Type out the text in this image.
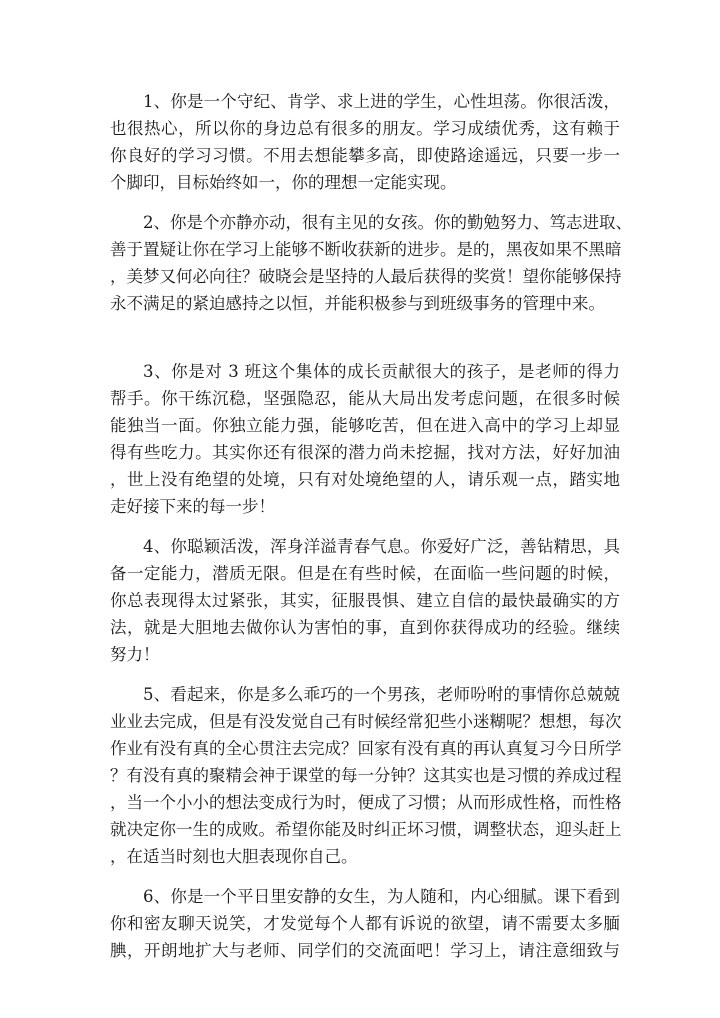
1、你是一个守纪、肯学、求上进的学生，心性坦荡。你很活泼，
也很热心，所以你的身边总有很多的朋友。学习成绩优秀，这有赖于
你良好的学习习惯。不用去想能攀多高，即使路途遥远，只要一步一
个脚印，目标始终如一，你的理想一定能实现。
2、你是个亦静亦动，很有主见的女孩。你的勤勉努力、笃志进取、
善于置疑让你在学习上能够不断收获新的进步。是的，黑夜如果不黑暗
，美梦又何必向往？破晓会是坚持的人最后获得的奖赏！望你能够保持
永不满足的紧迫感持之以恒，并能积极参与到班级事务的管理中来。
3、你是对 3 班这个集体的成长贡献很大的孩子，是老师的得力
帮手。你干练沉稳，坚强隐忍，能从大局出发考虑问题，在很多时候
能独当一面。你独立能力强，能够吃苦，但在进入高中的学习上却显
得有些吃力。其实你还有很深的潜力尚未挖掘，找对方法，好好加油
，世上没有绝望的处境，只有对处境绝望的人，请乐观一点，踏实地
走好接下来的每一步！
4、你聪颖活泼，浑身洋溢青春气息。你爱好广泛，善钻精思，具
备一定能力，潜质无限。但是在有些时候，在面临一些问题的时候，
你总表现得太过紧张，其实，征服畏惧、建立自信的最快最确实的方
法，就是大胆地去做你认为害怕的事，直到你获得成功的经验。继续
努力！
5、看起来，你是多么乖巧的一个男孩，老师吩咐的事情你总兢兢
业业去完成，但是有没发觉自己有时候经常犯些小迷糊呢？想想，每次
作业有没有真的全心贯注去完成？回家有没有真的再认真复习今日所学
？有没有真的聚精会神于课堂的每一分钟？这其实也是习惯的养成过程
，当一个小小的想法变成行为时，便成了习惯；从而形成性格，而性格
就决定你一生的成败。希望你能及时纠正坏习惯，调整状态，迎头赶上
，在适当时刻也大胆表现你自己。
6、你是一个平日里安静的女生，为人随和，内心细腻。课下看到
你和密友聊天说笑，才发觉每个人都有诉说的欲望，请不需要太多腼
腆，开朗地扩大与老师、同学们的交流面吧！学习上，请注意细致与
